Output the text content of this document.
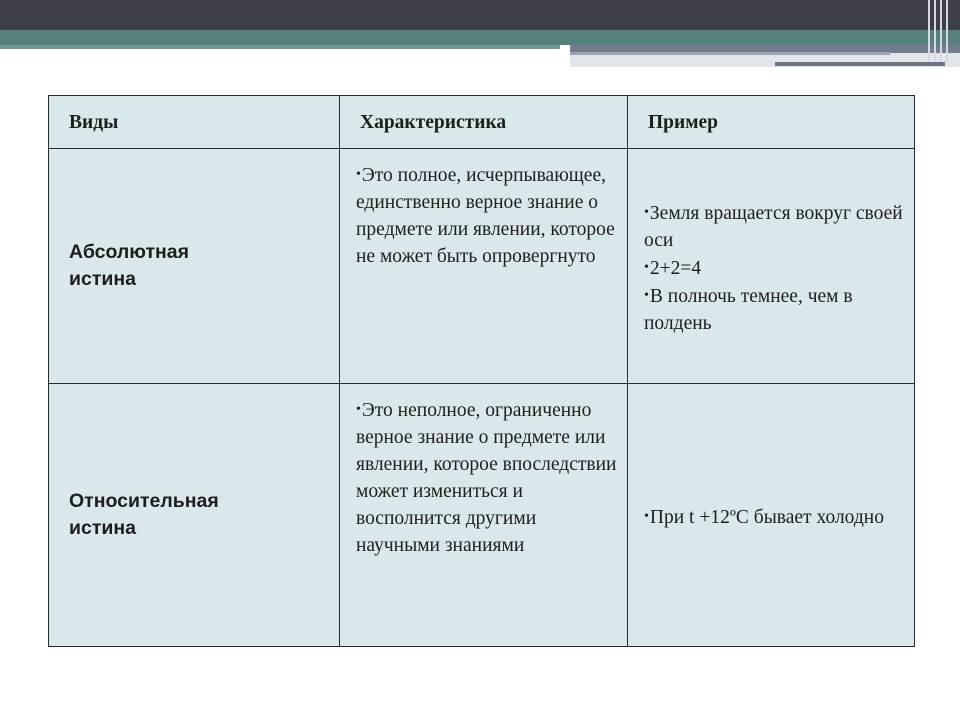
Виды	Характеристика	Пример

Абсолютная
истина	•Это полное, исчерпывающее, единственно верное знание о предмете или явлении, которое не может быть опровергнуто	•Земля вращается вокруг своей оси
•2+2=4
•В полночь темнее, чем в полдень

Относительная
истина	•Это неполное, ограниченно верное знание о предмете или явлении, которое впоследствии может измениться и восполнится другими научными знаниями	•При t +12ºC бывает холодно
